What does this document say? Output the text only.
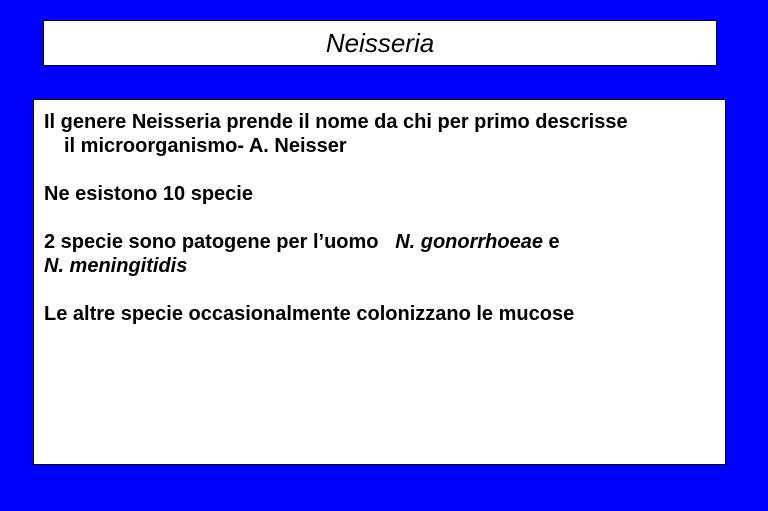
Neisseria

Il genere Neisseria prende il nome da chi per primo descrisse
il microorganismo- A. Neisser

Ne esistono 10 specie

2 specie sono patogene per l’uomo   N. gonorrhoeae e

N. meningitidis

Le altre specie occasionalmente colonizzano le mucose
